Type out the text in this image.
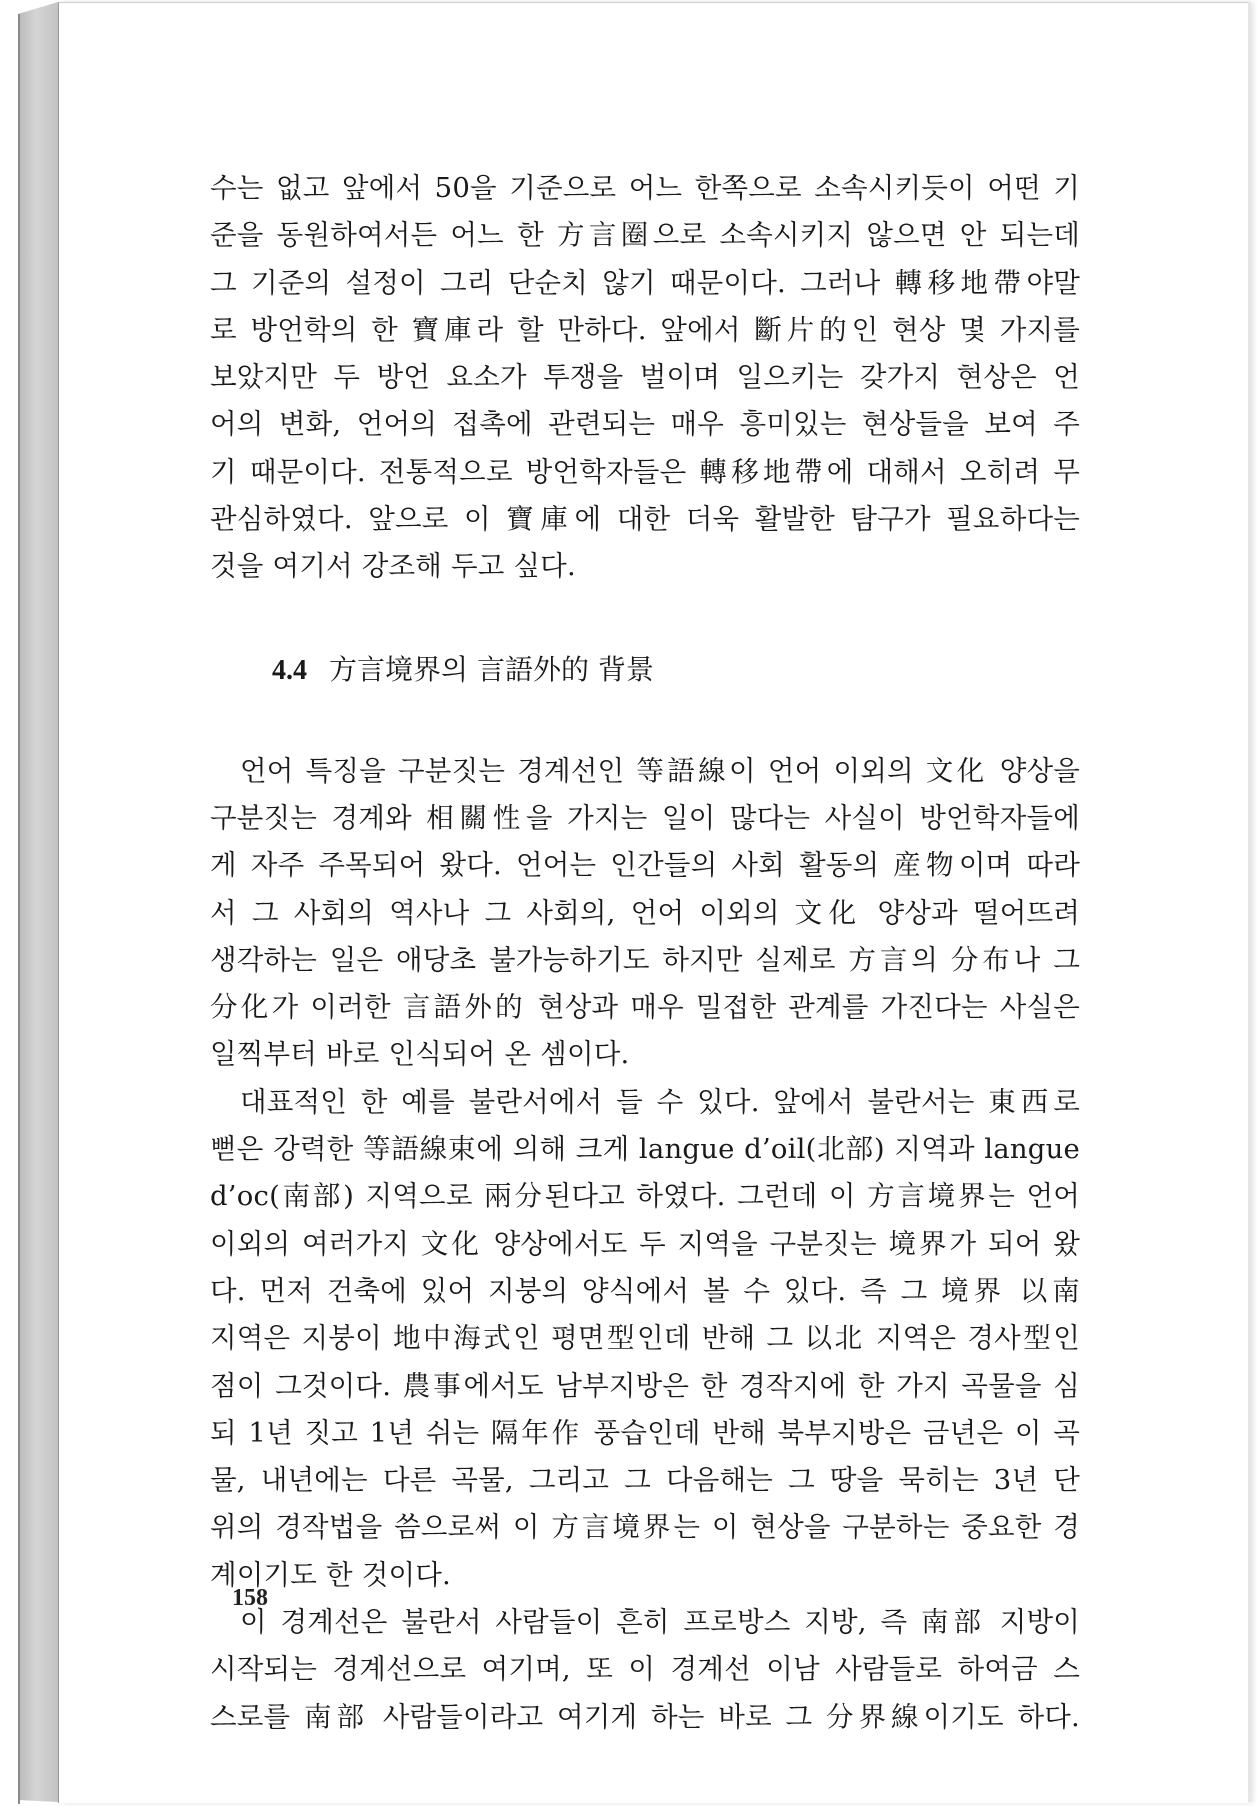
수는 없고 앞에서 50을 기준으로 어느 한쪽으로 소속시키듯이 어떤 기
준을 동원하여서든 어느 한 方言圈으로 소속시키지 않으면 안 되는데
그 기준의 설정이 그리 단순치 않기 때문이다. 그러나 轉移地帶야말
로 방언학의 한 寶庫라 할 만하다. 앞에서 斷片的인 현상 몇 가지를
보았지만 두 방언 요소가 투쟁을 벌이며 일으키는 갖가지 현상은 언
어의 변화, 언어의 접촉에 관련되는 매우 흥미있는 현상들을 보여 주
기 때문이다. 전통적으로 방언학자들은 轉移地帶에 대해서 오히려 무
관심하였다. 앞으로 이 寶庫에 대한 더욱 활발한 탐구가 필요하다는
것을 여기서 강조해 두고 싶다.
4.4 方言境界의 言語外的 背景
언어 특징을 구분짓는 경계선인 等語線이 언어 이외의 文化 양상을
구분짓는 경계와 相關性을 가지는 일이 많다는 사실이 방언학자들에
게 자주 주목되어 왔다. 언어는 인간들의 사회 활동의 産物이며 따라
서 그 사회의 역사나 그 사회의, 언어 이외의 文化 양상과 떨어뜨려
생각하는 일은 애당초 불가능하기도 하지만 실제로 方言의 分布나 그
分化가 이러한 言語外的 현상과 매우 밀접한 관계를 가진다는 사실은
일찍부터 바로 인식되어 온 셈이다.
대표적인 한 예를 불란서에서 들 수 있다. 앞에서 불란서는 東西로
뻗은 강력한 等語線束에 의해 크게 langue d’oil(北部) 지역과 langue
d’oc(南部) 지역으로 兩分된다고 하였다. 그런데 이 方言境界는 언어
이외의 여러가지 文化 양상에서도 두 지역을 구분짓는 境界가 되어 왔
다. 먼저 건축에 있어 지붕의 양식에서 볼 수 있다. 즉 그 境界 以南
지역은 지붕이 地中海式인 평면型인데 반해 그 以北 지역은 경사型인
점이 그것이다. 農事에서도 남부지방은 한 경작지에 한 가지 곡물을 심
되 1년 짓고 1년 쉬는 隔年作 풍습인데 반해 북부지방은 금년은 이 곡
물, 내년에는 다른 곡물, 그리고 그 다음해는 그 땅을 묵히는 3년 단
위의 경작법을 씀으로써 이 方言境界는 이 현상을 구분하는 중요한 경
계이기도 한 것이다.
이 경계선은 불란서 사람들이 흔히 프로방스 지방, 즉 南部 지방이
시작되는 경계선으로 여기며, 또 이 경계선 이남 사람들로 하여금 스
스로를 南部 사람들이라고 여기게 하는 바로 그 分界線이기도 하다.
158
